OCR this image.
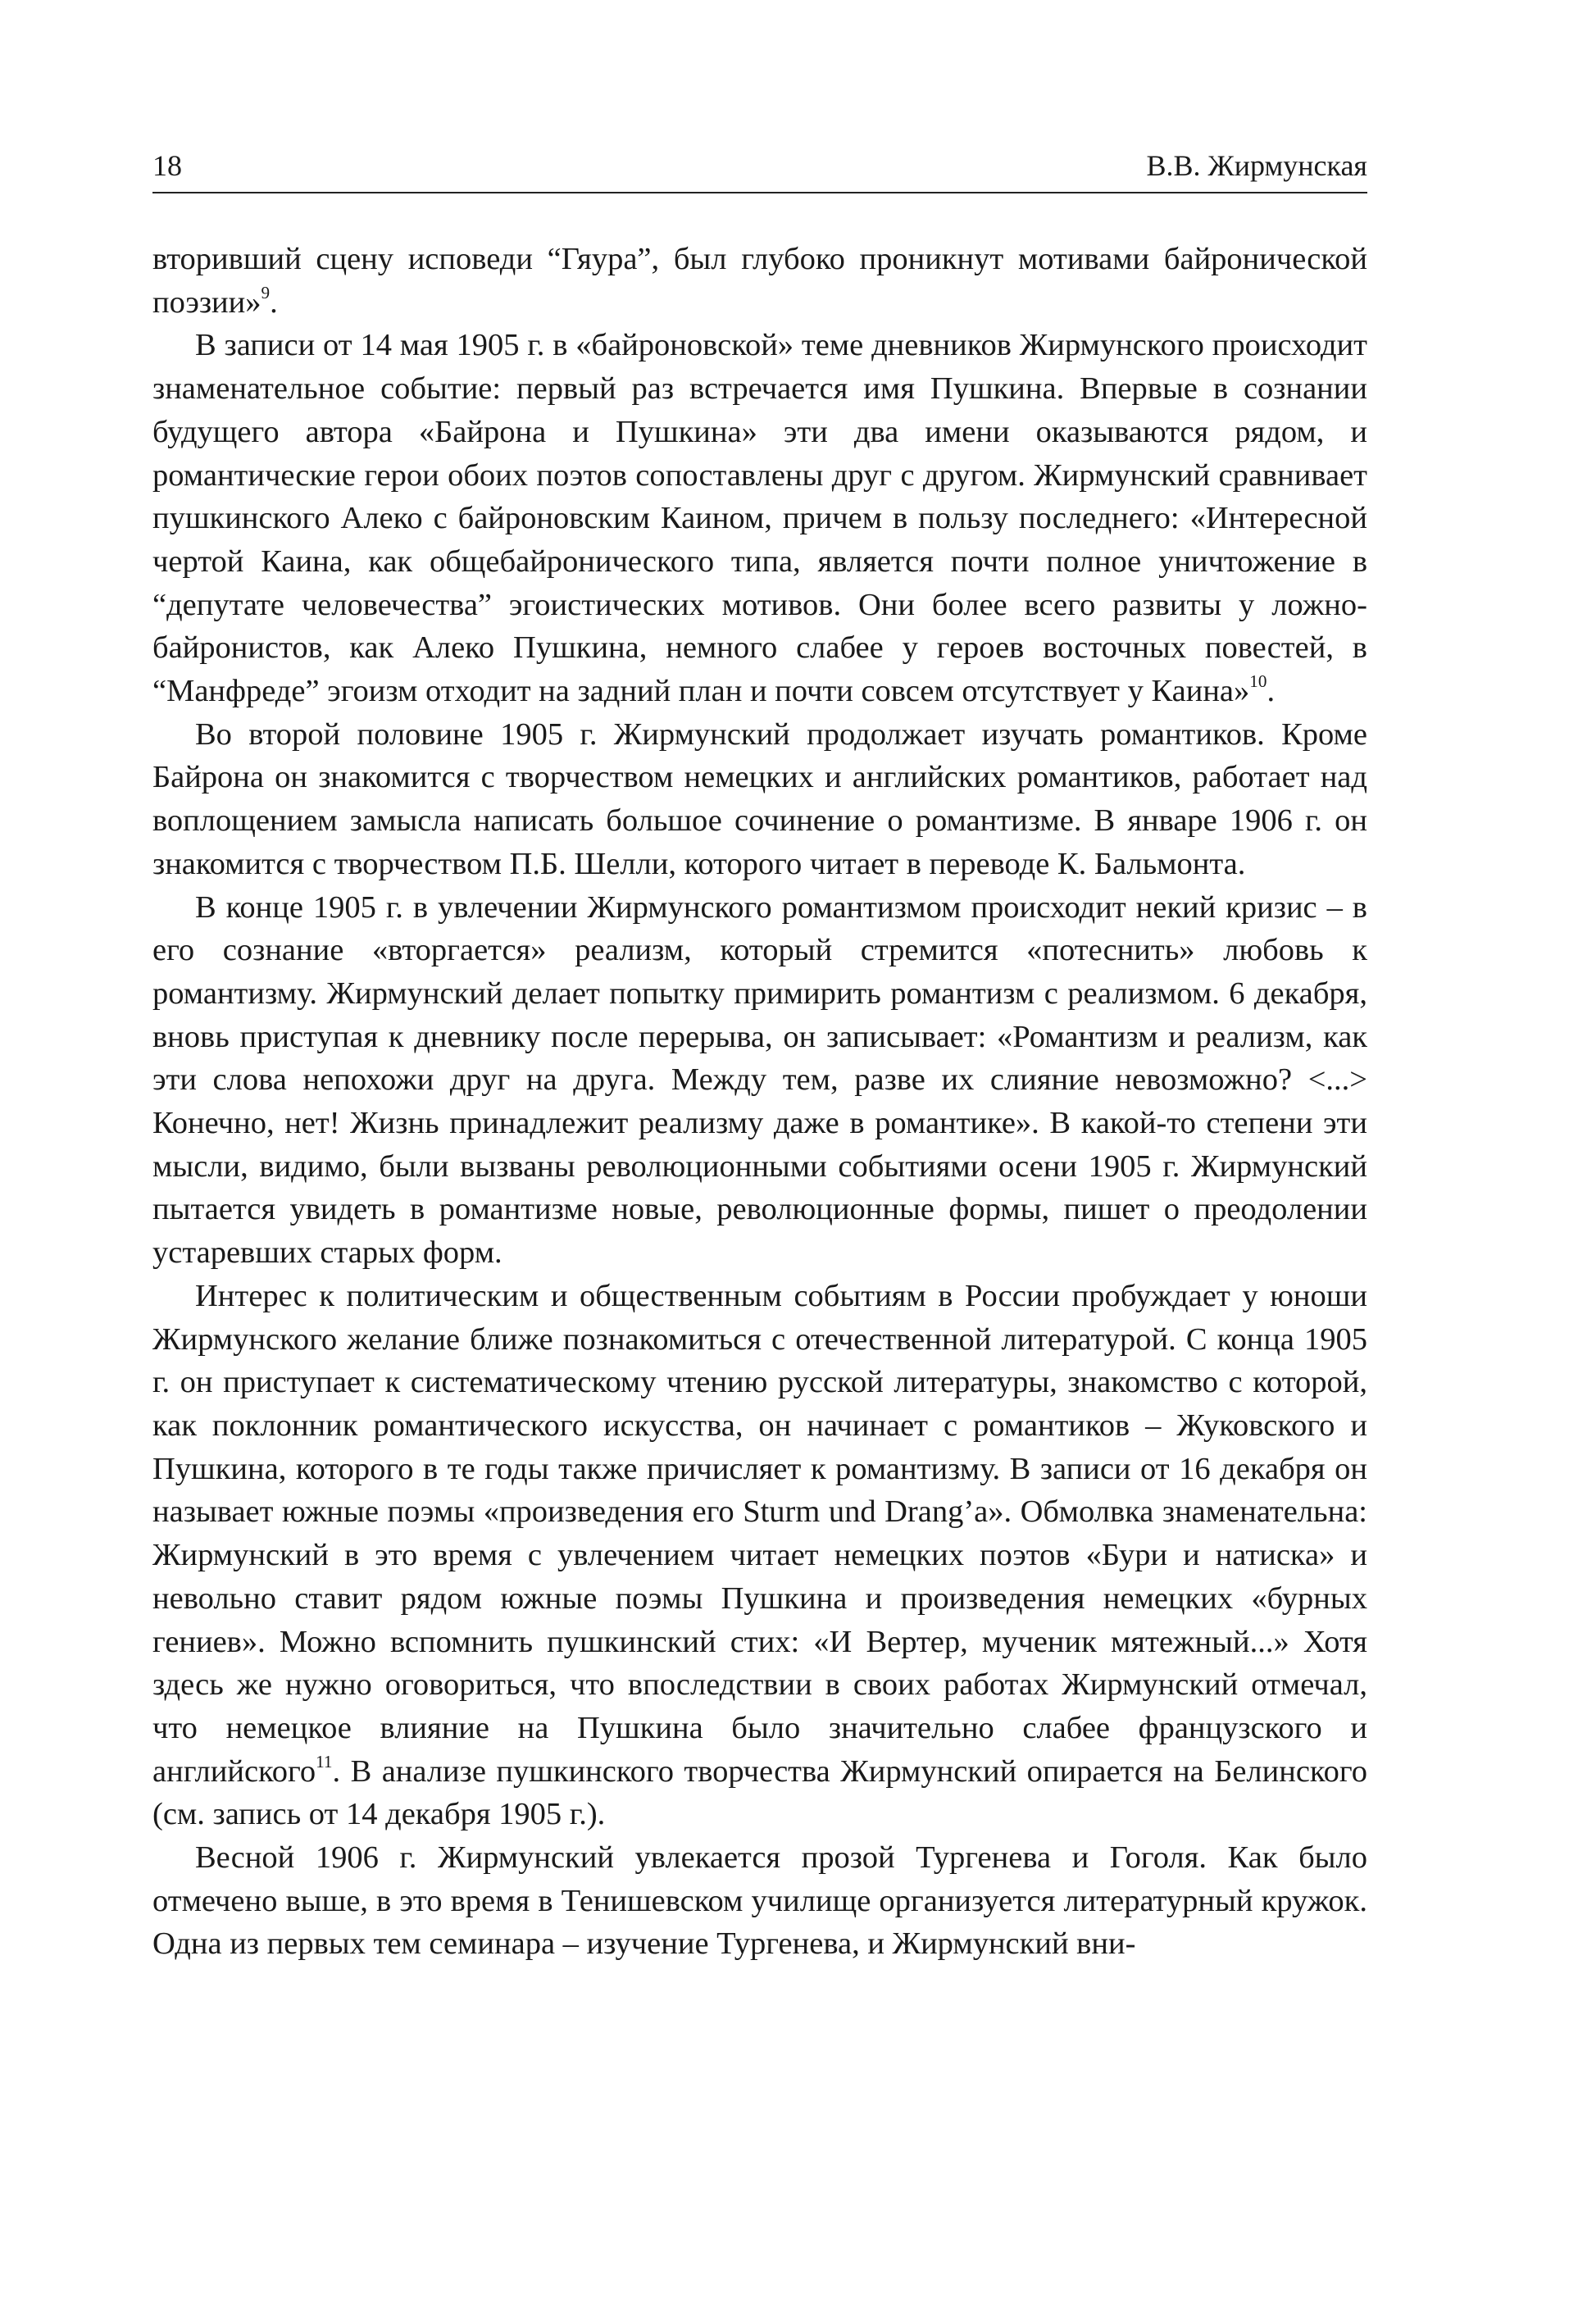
18	В.В. Жирмунская

вторивший сцену исповеди “Гяура”, был глубоко проникнут мотивами байронической поэзии»$^9$.

В записи от 14 мая 1905 г. в «байроновской» теме дневников Жирмунского происходит знаменательное событие: первый раз встречается имя Пушкина. Впервые в сознании будущего автора «Байрона и Пушкина» эти два имени оказываются рядом, и романтические герои обоих поэтов сопоставлены друг с другом. Жирмунский сравнивает пушкинского Алеко с байроновским Каином, причем в пользу последнего: «Интересной чертой Каина, как общебайронического типа, является почти полное уничтожение в “депутате человечества” эгоистических мотивов. Они более всего развиты у ложно-байронистов, как Алеко Пушкина, немного слабее у героев восточных повестей, в “Манфреде” эгоизм отходит на задний план и почти совсем отсутствует у Каина»$^{10}$.

Во второй половине 1905 г. Жирмунский продолжает изучать романтиков. Кроме Байрона он знакомится с творчеством немецких и английских романтиков, работает над воплощением замысла написать большое сочинение о романтизме. В январе 1906 г. он знакомится с творчеством П.Б. Шелли, которого читает в переводе К. Бальмонта.

В конце 1905 г. в увлечении Жирмунского романтизмом происходит некий кризис – в его сознание «вторгается» реализм, который стремится «потеснить» любовь к романтизму. Жирмунский делает попытку примирить романтизм с реализмом. 6 декабря, вновь приступая к дневнику после перерыва, он записывает: «Романтизм и реализм, как эти слова непохожи друг на друга. Между тем, разве их слияние невозможно? <...> Конечно, нет! Жизнь принадлежит реализму даже в романтике». В какой-то степени эти мысли, видимо, были вызваны революционными событиями осени 1905 г. Жирмунский пытается увидеть в романтизме новые, революционные формы, пишет о преодолении устаревших старых форм.

Интерес к политическим и общественным событиям в России пробуждает у юноши Жирмунского желание ближе познакомиться с отечественной литературой. С конца 1905 г. он приступает к систематическому чтению русской литературы, знакомство с которой, как поклонник романтического искусства, он начинает с романтиков – Жуковского и Пушкина, которого в те годы также причисляет к романтизму. В записи от 16 декабря он называет южные поэмы «произведения его Sturm und Drang’a». Обмолвка знаменательна: Жирмунский в это время с увлечением читает немецких поэтов «Бури и натиска» и невольно ставит рядом южные поэмы Пушкина и произведения немецких «бурных гениев». Можно вспомнить пушкинский стих: «И Вертер, мученик мятежный...» Хотя здесь же нужно оговориться, что впоследствии в своих работах Жирмунский отмечал, что немецкое влияние на Пушкина было значительно слабее французского и английского$^{11}$. В анализе пушкинского творчества Жирмунский опирается на Белинского (см. запись от 14 декабря 1905 г.).

Весной 1906 г. Жирмунский увлекается прозой Тургенева и Гоголя. Как было отмечено выше, в это время в Тенишевском училище организуется литературный кружок. Одна из первых тем семинара – изучение Тургенева, и Жирмунский вни-
